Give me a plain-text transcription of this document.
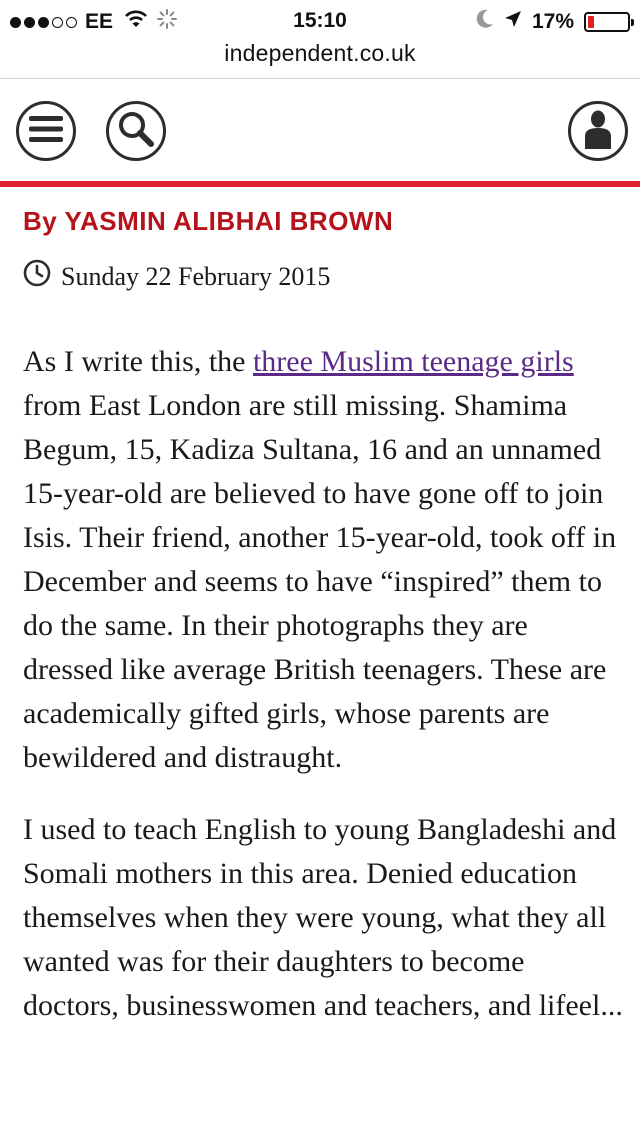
EE	15:10	17%
independent.co.uk
By YASMIN ALIBHAI BROWN
Sunday 22 February 2015

As I write this, the three Muslim teenage girls from East London are still missing. Shamima Begum, 15, Kadiza Sultana, 16 and an unnamed 15-year-old are believed to have gone off to join Isis. Their friend, another 15-year-old, took off in December and seems to have “inspired” them to do the same. In their photographs they are dressed like average British teenagers. These are academically gifted girls, whose parents are bewildered and distraught.

I used to teach English to young Bangladeshi and Somali mothers in this area. Denied education themselves when they were young, what they all wanted was for their daughters to become doctors, businesswomen and teachers, and lifeel...
